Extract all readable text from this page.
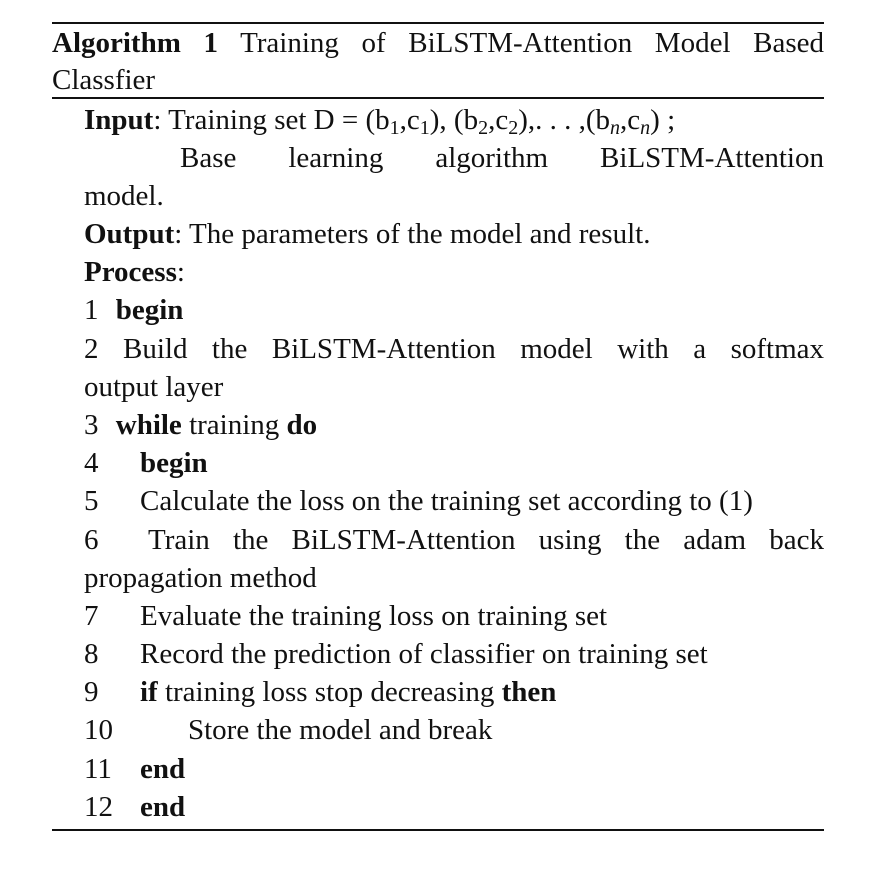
Algorithm 1 Training of BiLSTM-Attention Model Based
Classfier
Input: Training set $D = (b_1,c_1)$, $(b_2,c_2)$,. . . $,(b_n,c_n)$ ;
Base learning algorithm BiLSTM-Attention
model.
Output: The parameters of the model and result.
Process:
1 begin
2 Build the BiLSTM-Attention model with a softmax
output layer
3 while training do
4 begin
5 Calculate the loss on the training set according to (1)
6 Train the BiLSTM-Attention using the adam back
propagation method
7 Evaluate the training loss on training set
8 Record the prediction of classifier on training set
9 if training loss stop decreasing then
10	Store the model and break
11 end
12 end
